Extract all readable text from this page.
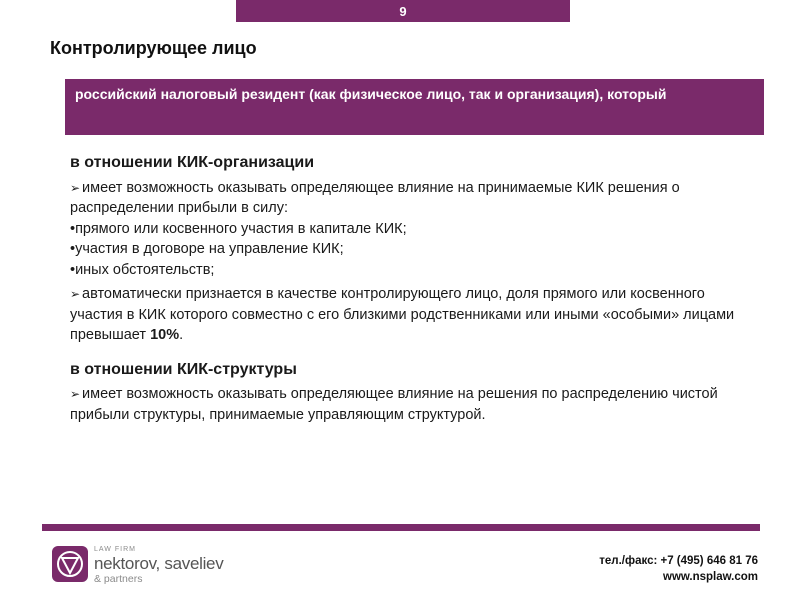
9
Контролирующее лицо
российский налоговый резидент (как физическое лицо, так и организация), который
в отношении КИК-организации

➢ имеет возможность оказывать определяющее влияние на принимаемые КИК решения о распределении прибыли в силу:

•прямого или косвенного участия в капитале КИК;
•участия в договоре на управление КИК;
•иных обстоятельств;

➢ автоматически признается в качестве контролирующего лицо, доля прямого или косвенного участия в КИК которого совместно с его близкими родственниками или иными «особыми» лицами превышает 10%.

в отношении КИК-структуры

➢ имеет возможность оказывать определяющее влияние на решения по распределению чистой прибыли структуры, принимаемые управляющим структурой.

LAW FIRM
nektorov, saveliev
& partners
тел./факс: +7 (495) 646 81 76
www.nsplaw.com
